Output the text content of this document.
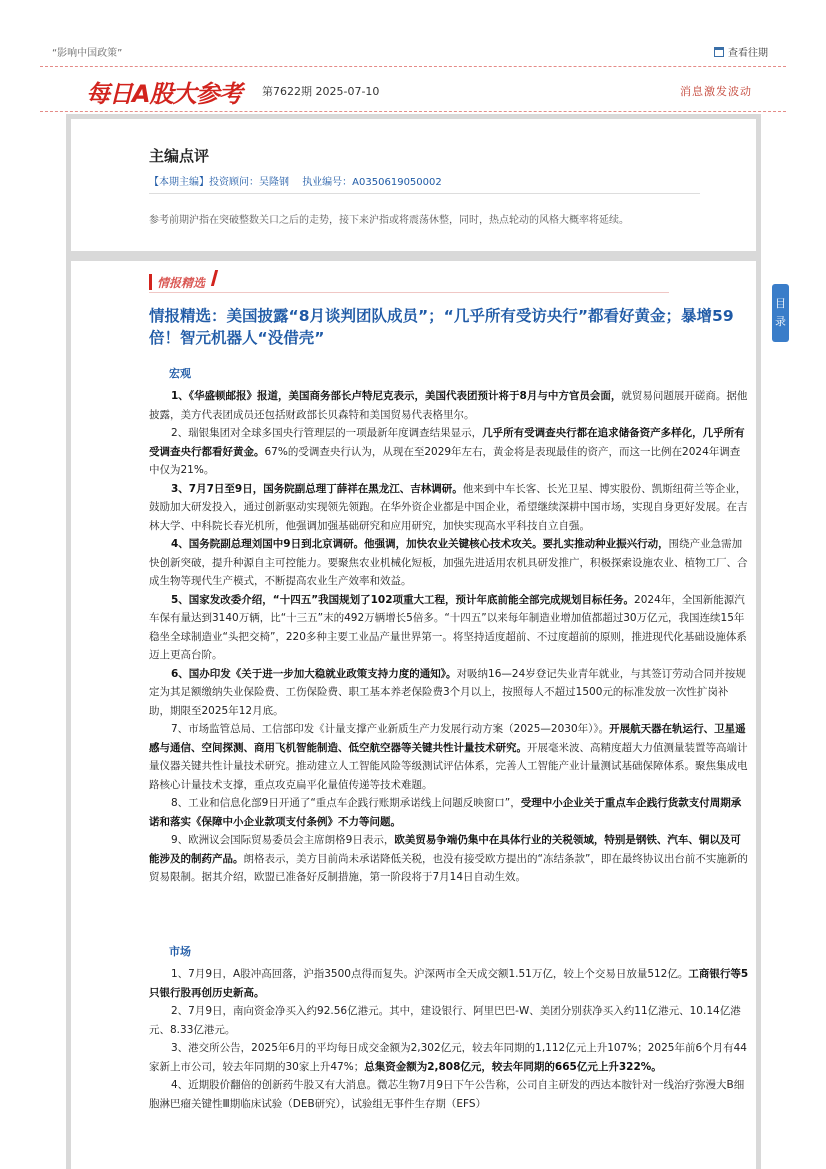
“影响中国政策”	查看往期
每日A股大参考 第7622期 2025-07-10	消息激发波动
主编点评
【本期主编】投资顾问：吴隆钢 执业编号：A0350619050002
参考前期沪指在突破整数关口之后的走势，接下来沪指或将震荡休整，同时，热点轮动的风格大概率将延续。
情报精选
情报精选：美国披露“8月谈判团队成员”；“几乎所有受访央行”都看好黄金；暴增59倍！智元机器人“没借壳”
宏观

1、《华盛顿邮报》报道，美国商务部长卢特尼克表示，美国代表团预计将于8月与中方官员会面，就贸易问题展开磋商。据他披露，美方代表团成员还包括财政部长贝森特和美国贸易代表格里尔。

2、瑞银集团对全球多国央行管理层的一项最新年度调查结果显示，几乎所有受调查央行都在追求储备资产多样化，几乎所有受调查央行都看好黄金。67%的受调查央行认为，从现在至2029年左右，黄金将是表现最佳的资产，而这一比例在2024年调查中仅为21%。

3、7月7日至9日，国务院副总理丁薛祥在黑龙江、吉林调研。他来到中车长客、长光卫星、博实股份、凯斯纽荷兰等企业，鼓励加大研发投入，通过创新驱动实现领先领跑。在华外资企业都是中国企业，希望继续深耕中国市场，实现自身更好发展。在吉林大学、中科院长春光机所，他强调加强基础研究和应用研究，加快实现高水平科技自立自强。

4、国务院副总理刘国中9日到北京调研。他强调，加快农业关键核心技术攻关。要扎实推动种业振兴行动，围绕产业急需加快创新突破，提升种源自主可控能力。要聚焦农业机械化短板，加强先进适用农机具研发推广，积极探索设施农业、植物工厂、合成生物等现代生产模式，不断提高农业生产效率和效益。

5、国家发改委介绍，“十四五”我国规划了102项重大工程，预计年底前能全部完成规划目标任务。2024年，全国新能源汽车保有量达到3140万辆，比“十三五”末的492万辆增长5倍多。“十四五”以来每年制造业增加值都超过30万亿元，我国连续15年稳坐全球制造业“头把交椅”，220多种主要工业品产量世界第一。将坚持适度超前、不过度超前的原则，推进现代化基础设施体系迈上更高台阶。

6、国办印发《关于进一步加大稳就业政策支持力度的通知》。对吸纳16—24岁登记失业青年就业，与其签订劳动合同并按规定为其足额缴纳失业保险费、工伤保险费、职工基本养老保险费3个月以上，按照每人不超过1500元的标准发放一次性扩岗补助，期限至2025年12月底。

7、市场监管总局、工信部印发《计量支撑产业新质生产力发展行动方案（2025—2030年）》。开展航天器在轨运行、卫星遥感与通信、空间探测、商用飞机智能制造、低空航空器等关键共性计量技术研究。开展毫米波、高精度超大力值测量装置等高端计量仪器关键共性计量技术研究。推动建立人工智能风险等级测试评估体系，完善人工智能产业计量测试基础保障体系。聚焦集成电路核心计量技术支撑，重点攻克扁平化量值传递等技术难题。

8、工业和信息化部9日开通了“重点车企践行账期承诺线上问题反映窗口”，受理中小企业关于重点车企践行货款支付周期承诺和落实《保障中小企业款项支付条例》不力等问题。

9、欧洲议会国际贸易委员会主席朗格9日表示，欧美贸易争端仍集中在具体行业的关税领域，特别是钢铁、汽车、铜以及可能涉及的制药产品。朗格表示，美方目前尚未承诺降低关税，也没有接受欧方提出的“冻结条款”，即在最终协议出台前不实施新的贸易限制。据其介绍，欧盟已准备好反制措施，第一阶段将于7月14日自动生效。

市场

1、7月9日，A股冲高回落，沪指3500点得而复失。沪深两市全天成交额1.51万亿，较上个交易日放量512亿。工商银行等5只银行股再创历史新高。

2、7月9日，南向资金净买入约92.56亿港元。其中，建设银行、阿里巴巴-W、美团分别获净买入约11亿港元、10.14亿港元、8.33亿港元。

3、港交所公告，2025年6月的平均每日成交金额为2,302亿元，较去年同期的1,112亿元上升107%；2025年前6个月有44家新上市公司，较去年同期的30家上升47%；总集资金额为2,808亿元，较去年同期的665亿元上升322%。

4、近期股价翻倍的创新药牛股又有大消息。微芯生物7月9日下午公告称，公司自主研发的西达本胺针对一线治疗弥漫大B细胞淋巴瘤关键性Ⅲ期临床试验（DEB研究），试验组无事件生存期（EFS）

目
录
